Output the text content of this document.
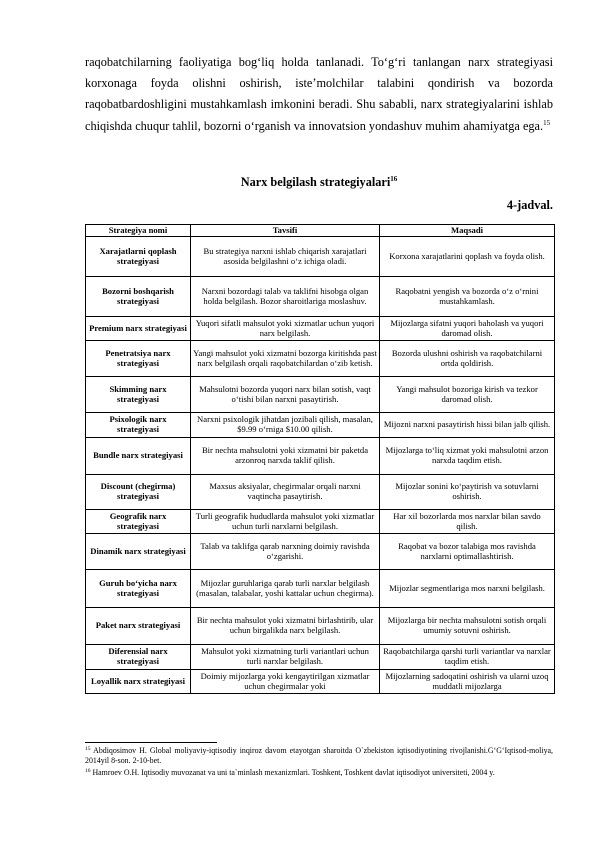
raqobatchilarning faoliyatiga bog‘liq holda tanlanadi. To‘g‘ri tanlangan narx strategiyasi korxonaga foyda olishni oshirish, iste’molchilar talabini qondirish va bozorda raqobatbardoshligini mustahkamlash imkonini beradi. Shu sababli, narx strategiyalarini ishlab chiqishda chuqur tahlil, bozorni o‘rganish va innovatsion yondashuv muhim ahamiyatga ega.$^{15}$
Narx belgilash strategiyalari$^{16}$
4-jadval.
Strategiya nomi	Tavsifi	Maqsadi
Xarajatlarni qoplash strategiyasi	Bu strategiya narxni ishlab chiqarish xarajatlari asosida belgilashni o‘z ichiga oladi.	Korxona xarajatlarini qoplash va foyda olish.
Bozorni boshqarish strategiyasi	Narxni bozordagi talab va taklifni hisobga olgan holda belgilash. Bozor sharoitlariga moslashuv.	Raqobatni yengish va bozorda o‘z o‘rnini mustahkamlash.
Premium narx strategiyasi	Yuqori sifatli mahsulot yoki xizmatlar uchun yuqori narx belgilash.	Mijozlarga sifatni yuqori baholash va yuqori daromad olish.
Penetratsiya narx strategiyasi	Yangi mahsulot yoki xizmatni bozorga kiritishda past narx belgilash orqali raqobatchilardan o‘zib ketish.	Bozorda ulushni oshirish va raqobatchilarni ortda qoldirish.
Skimming narx strategiyasi	Mahsulotni bozorda yuqori narx bilan sotish, vaqt o‘tishi bilan narxni pasaytirish.	Yangi mahsulot bozoriga kirish va tezkor daromad olish.
Psixologik narx strategiyasi	Narxni psixologik jihatdan jozibali qilish, masalan, $9.99 o‘rniga $10.00 qilish.	Mijozni narxni pasaytirish hissi bilan jalb qilish.
Bundle narx strategiyasi	Bir nechta mahsulotni yoki xizmatni bir paketda arzonroq narxda taklif qilish.	Mijozlarga to‘liq xizmat yoki mahsulotni arzon narxda taqdim etish.
Discount (chegirma) strategiyasi	Maxsus aksiyalar, chegirmalar orqali narxni vaqtincha pasaytirish.	Mijozlar sonini ko‘paytirish va sotuvlarni oshirish.
Geografik narx strategiyasi	Turli geografik hududlarda mahsulot yoki xizmatlar uchun turli narxlarni belgilash.	Har xil bozorlarda mos narxlar bilan savdo qilish.
Dinamik narx strategiyasi	Talab va taklifga qarab narxning doimiy ravishda o‘zgarishi.	Raqobat va bozor talabiga mos ravishda narxlarni optimallashtirish.
Guruh bo‘yicha narx strategiyasi	Mijozlar guruhlariga qarab turli narxlar belgilash (masalan, talabalar, yoshi kattalar uchun chegirma).	Mijozlar segmentlariga mos narxni belgilash.
Paket narx strategiyasi	Bir nechta mahsulot yoki xizmatni birlashtirib, ular uchun birgalikda narx belgilash.	Mijozlarga bir nechta mahsulotni sotish orqali umumiy sotuvni oshirish.
Diferensial narx strategiyasi	Mahsulot yoki xizmatning turli variantlari uchun turli narxlar belgilash.	Raqobatchilarga qarshi turli variantlar va narxlar taqdim etish.
Loyallik narx strategiyasi	Doimiy mijozlarga yoki kengaytirilgan xizmatlar uchun chegirmalar yoki	Mijozlarning sadoqatini oshirish va ularni uzoq muddatli mijozlarga
$^{15}$ Abdiqosimov H. Global moliyaviy-iqtisodiy inqiroz davom etayotgan sharoitda O`zbekiston iqtisodiyotining rivojlanishi.G‘G‘Iqtisod-moliya, 2014yil 8-son. 2-10-bet.
$^{16}$ Hamroev O.H. Iqtisodiy muvozanat va uni ta`minlash mexanizmlari. Toshkent, Toshkent davlat iqtisodiyot universiteti, 2004 y.
